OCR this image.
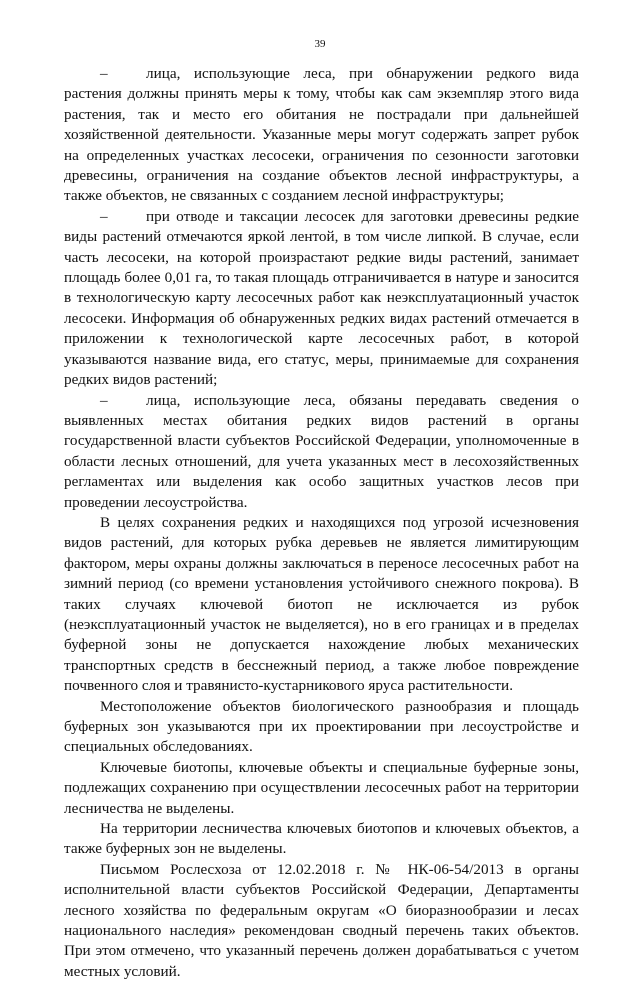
39

–	лица, использующие леса, при обнаружении редкого вида растения должны принять меры к тому, чтобы как сам экземпляр этого вида растения, так и место его обитания не пострадали при дальнейшей хозяйственной деятельности. Указанные меры могут содержать запрет рубок на определенных участках лесосеки, ограничения по сезонности заготовки древесины, ограничения на создание объектов лесной инфраструктуры, а также объектов, не связанных с созданием лесной инфраструктуры;

–	при отводе и таксации лесосек для заготовки древесины редкие виды растений отмечаются яркой лентой, в том числе липкой. В случае, если часть лесосеки, на которой произрастают редкие виды растений, занимает площадь более 0,01 га, то такая площадь отграничивается в натуре и заносится в технологическую карту лесосечных работ как неэксплуатационный участок лесосеки. Информация об обнаруженных редких видах растений отмечается в приложении к технологической карте лесосечных работ, в которой указываются название вида, его статус, меры, принимаемые для сохранения редких видов растений;

–	лица, использующие леса, обязаны передавать сведения о выявленных местах обитания редких видов растений в органы государственной власти субъектов Российской Федерации, уполномоченные в области лесных отношений, для учета указанных мест в лесохозяйственных регламентах или выделения как особо защитных участков лесов при проведении лесоустройства.

В целях сохранения редких и находящихся под угрозой исчезновения видов растений, для которых рубка деревьев не является лимитирующим фактором, меры охраны должны заключаться в переносе лесосечных работ на зимний период (со времени установления устойчивого снежного покрова). В таких случаях ключевой биотоп не исключается из рубок (неэксплуатационный участок не выделяется), но в его границах и в пределах буферной зоны не допускается нахождение любых механических транспортных средств в бесснежный период, а также любое повреждение почвенного слоя и травянисто-кустарникового яруса растительности.

Местоположение объектов биологического разнообразия и площадь буферных зон указываются при их проектировании при лесоустройстве и специальных обследованиях.

Ключевые биотопы, ключевые объекты и специальные буферные зоны, подлежащих сохранению при осуществлении лесосечных работ на территории лесничества не выделены.

На территории лесничества ключевых биотопов и ключевых объектов, а также буферных зон не выделены.

Письмом Рослесхоза от 12.02.2018 г. № НК-06-54/2013 в органы исполнительной власти субъектов Российской Федерации, Департаменты лесного хозяйства по федеральным округам «О биоразнообразии и лесах национального наследия» рекомендован сводный перечень таких объектов. При этом отмечено, что указанный перечень должен дорабатываться с учетом местных условий.
